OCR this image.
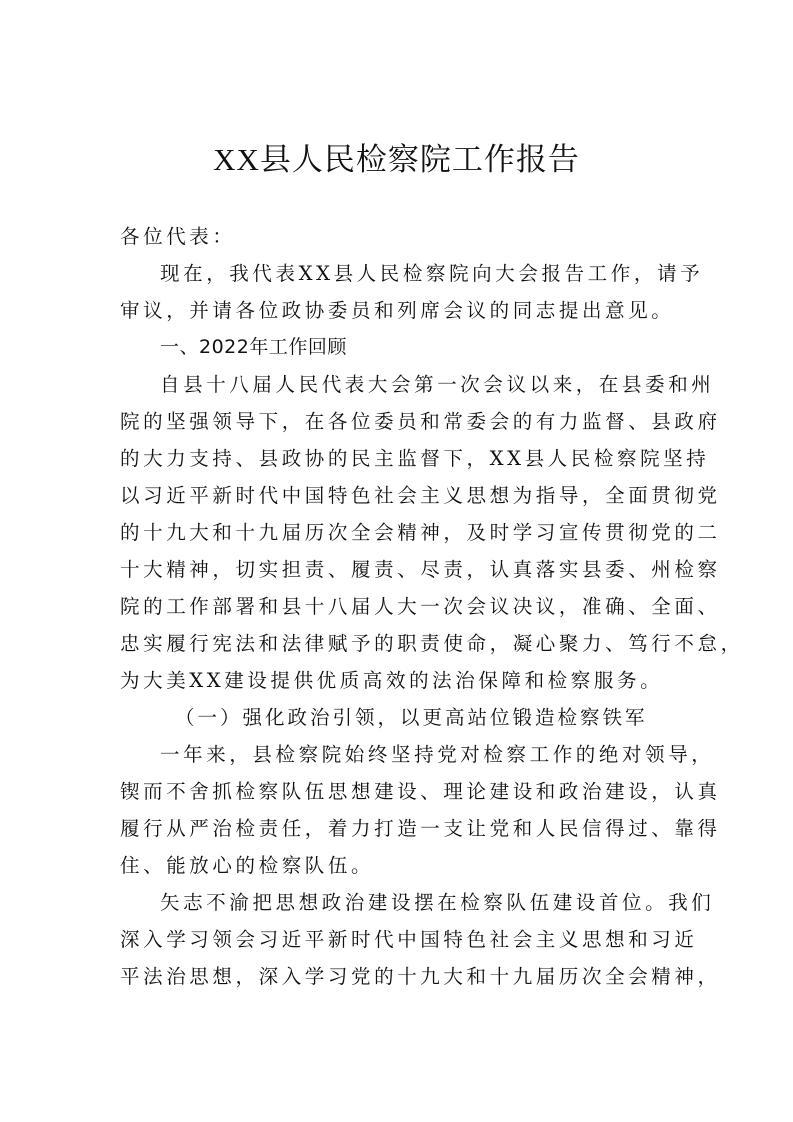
XX县人民检察院工作报告
各位代表：
现在，我代表XX县人民检察院向大会报告工作，请予
审议，并请各位政协委员和列席会议的同志提出意见。
一、2022年工作回顾
自县十八届人民代表大会第一次会议以来，在县委和州
院的坚强领导下，在各位委员和常委会的有力监督、县政府
的大力支持、县政协的民主监督下，XX县人民检察院坚持
以习近平新时代中国特色社会主义思想为指导，全面贯彻党
的十九大和十九届历次全会精神，及时学习宣传贯彻党的二
十大精神，切实担责、履责、尽责，认真落实县委、州检察
院的工作部署和县十八届人大一次会议决议，准确、全面、
忠实履行宪法和法律赋予的职责使命，凝心聚力、笃行不怠，
为大美XX建设提供优质高效的法治保障和检察服务。
（一）强化政治引领，以更高站位锻造检察铁军
一年来，县检察院始终坚持党对检察工作的绝对领导，
锲而不舍抓检察队伍思想建设、理论建设和政治建设，认真
履行从严治检责任，着力打造一支让党和人民信得过、靠得
住、能放心的检察队伍。
矢志不渝把思想政治建设摆在检察队伍建设首位。我们
深入学习领会习近平新时代中国特色社会主义思想和习近
平法治思想，深入学习党的十九大和十九届历次全会精神，
